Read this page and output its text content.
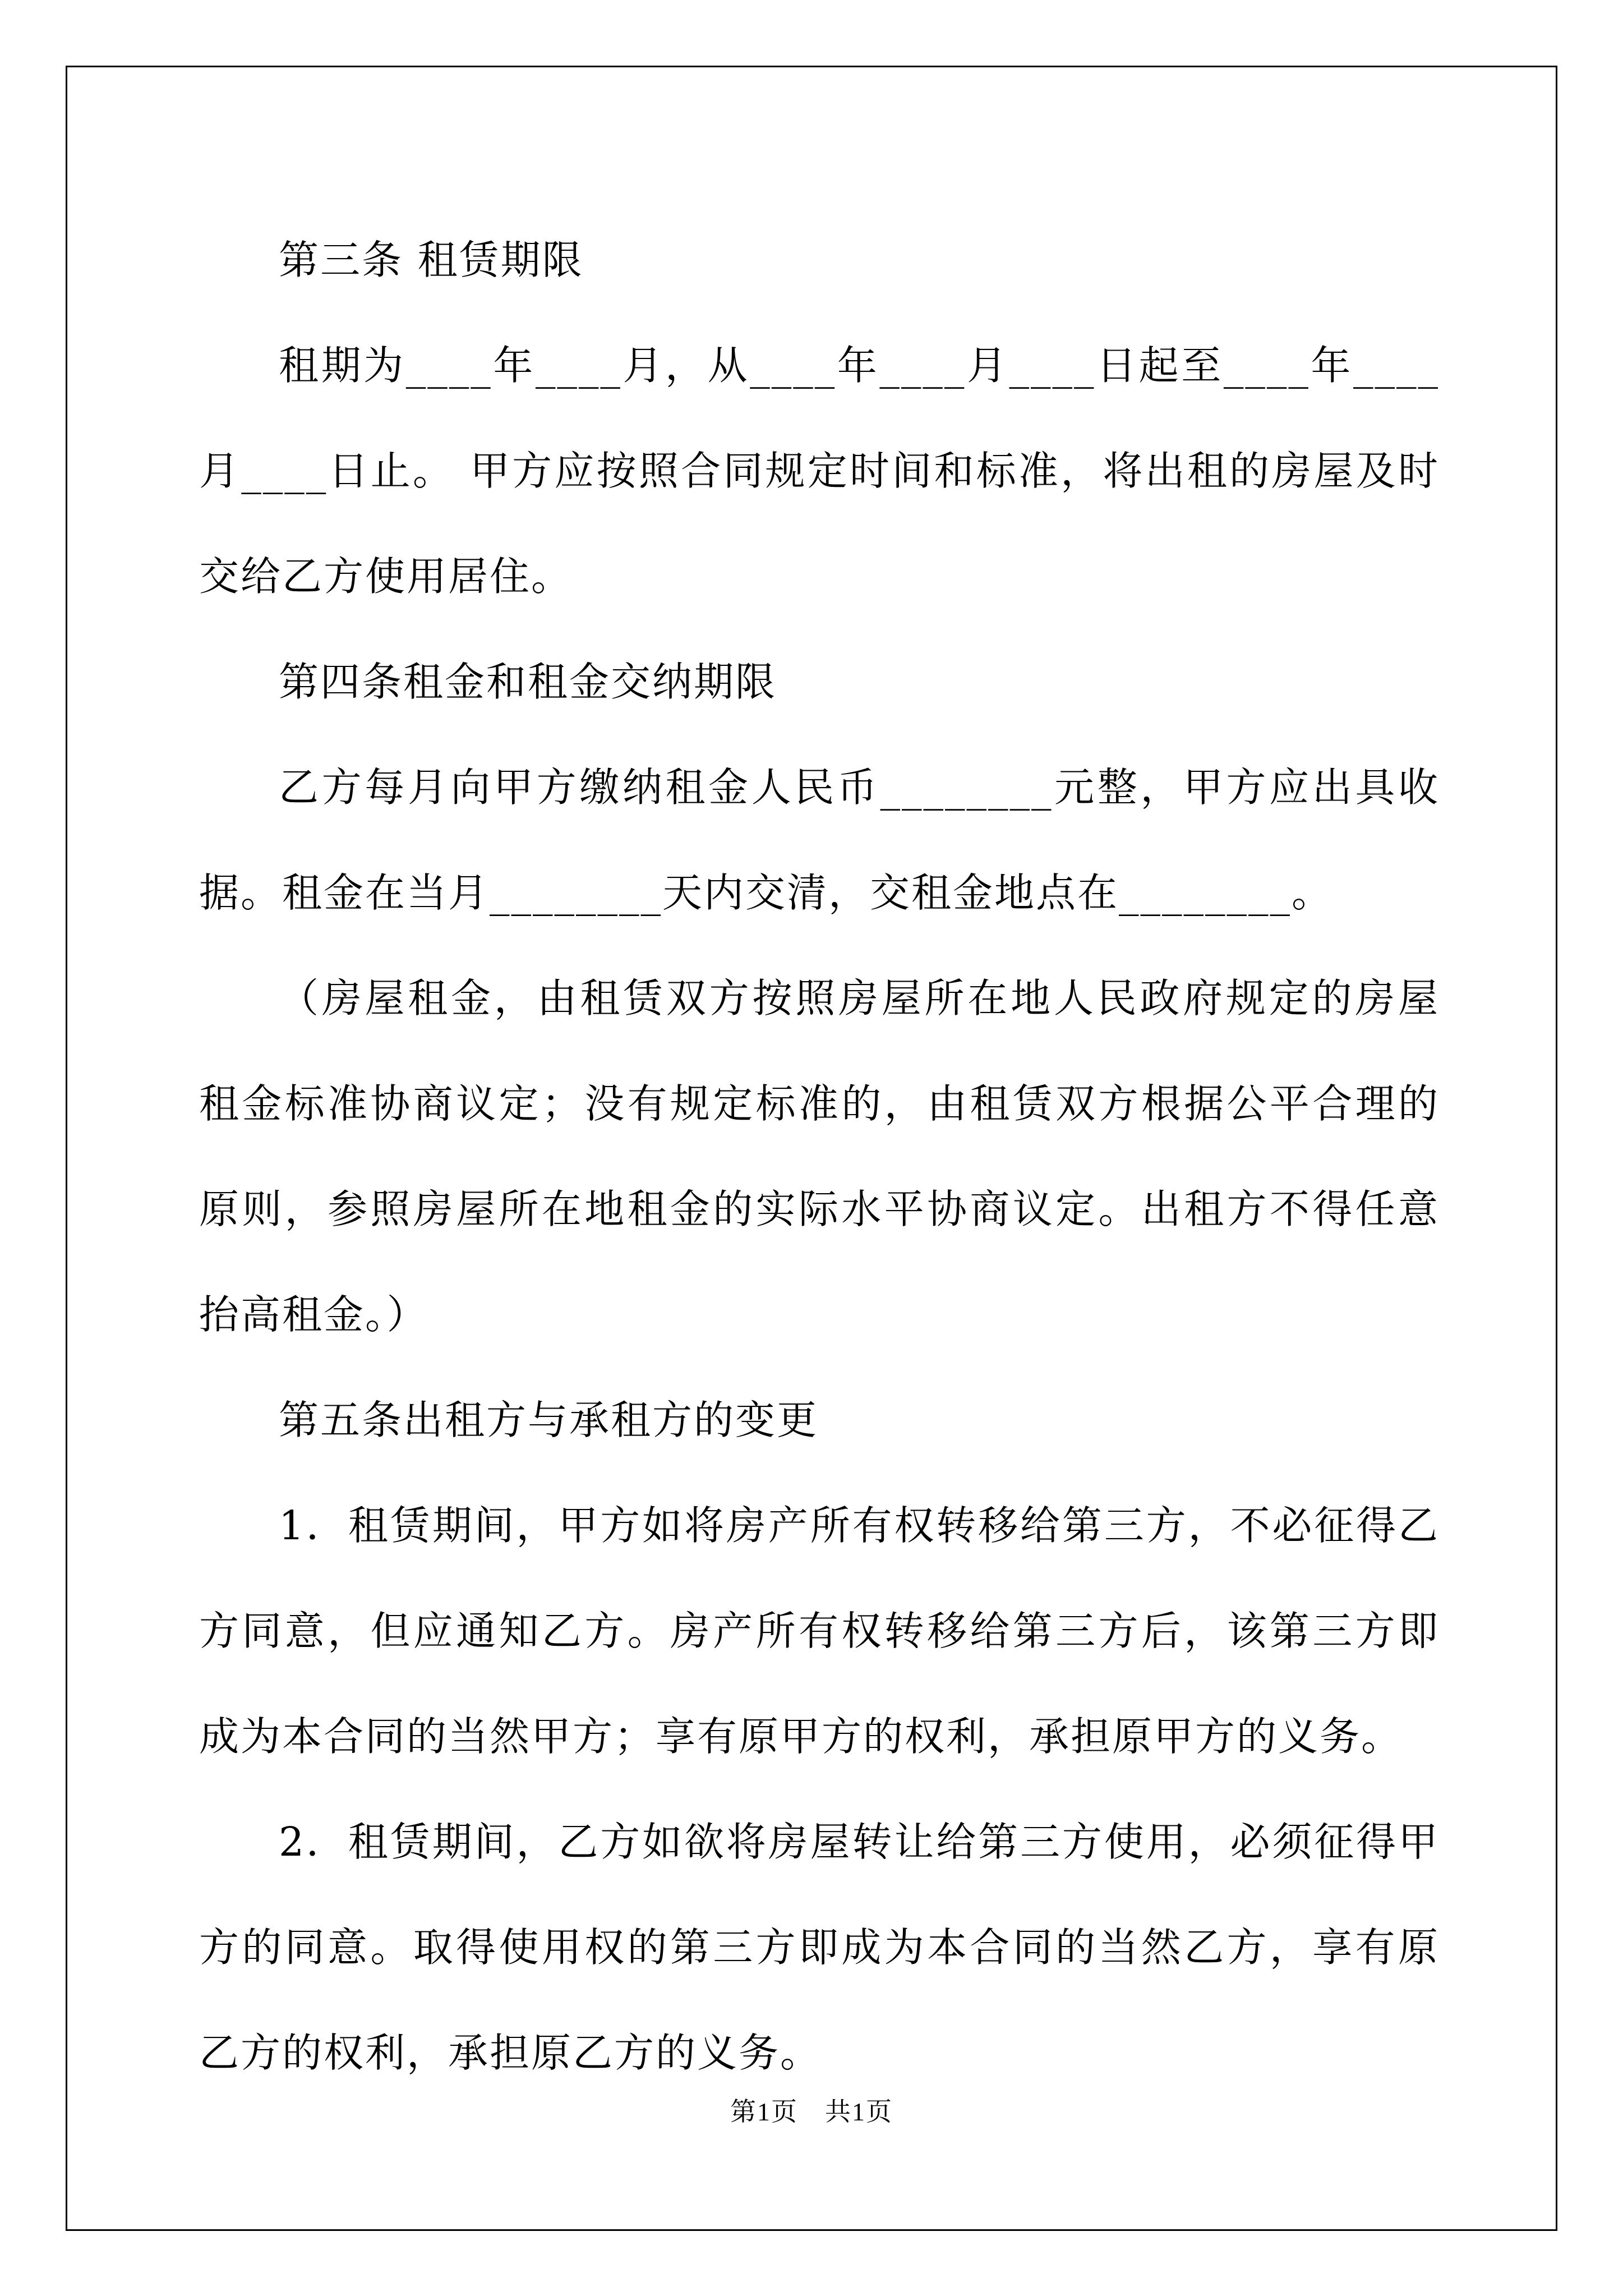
第三条 租赁期限

租期为____年____月，从____年____月____日起至____年____月____日止。 甲方应按照合同规定时间和标准，将出租的房屋及时交给乙方使用居住。

第四条租金和租金交纳期限

乙方每月向甲方缴纳租金人民币________元整，甲方应出具收据。租金在当月________天内交清，交租金地点在________。

（房屋租金，由租赁双方按照房屋所在地人民政府规定的房屋租金标准协商议定；没有规定标准的，由租赁双方根据公平合理的原则，参照房屋所在地租金的实际水平协商议定。出租方不得任意抬高租金。）

第五条出租方与承租方的变更

1．租赁期间，甲方如将房产所有权转移给第三方，不必征得乙方同意，但应通知乙方。房产所有权转移给第三方后，该第三方即成为本合同的当然甲方；享有原甲方的权利，承担原甲方的义务。

2．租赁期间，乙方如欲将房屋转让给第三方使用，必须征得甲方的同意。取得使用权的第三方即成为本合同的当然乙方，享有原乙方的权利，承担原乙方的义务。

第1页　共1页
